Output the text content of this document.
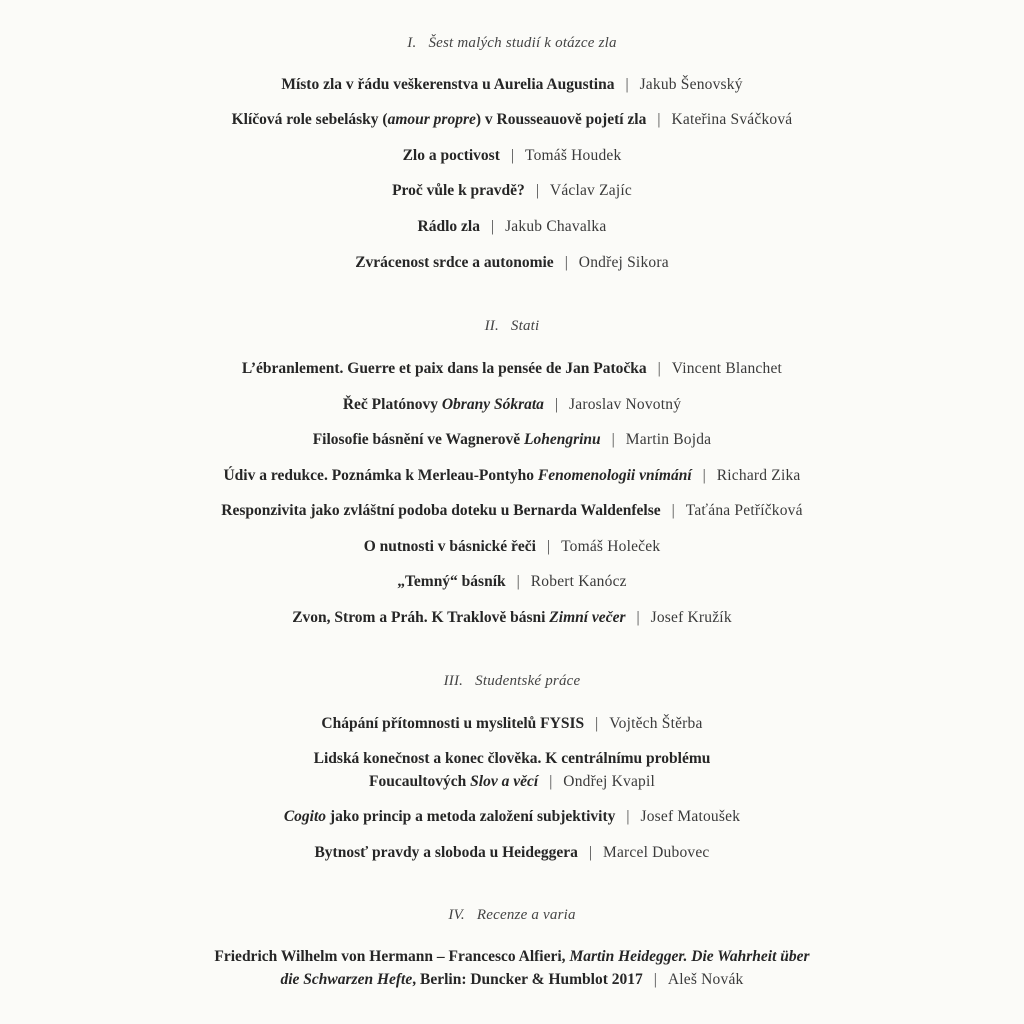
I. Šest malých studií k otázce zla
Místo zla v řádu veškerenstva u Aurelia Augustina | Jakub Šenovský
Klíčová role sebelásky (amour propre) v Rousseauově pojetí zla | Kateřina Sváčková
Zlo a poctivost | Tomáš Houdek
Proč vůle k pravdě? | Václav Zajíc
Rádlo zla | Jakub Chavalka
Zvrácenost srdce a autonomie | Ondřej Sikora
II. Stati
L’ébranlement. Guerre et paix dans la pensée de Jan Patočka | Vincent Blanchet
Řeč Platónovy Obrany Sókrata | Jaroslav Novotný
Filosofie básnění ve Wagnerově Lohengrinu | Martin Bojda
Údiv a redukce. Poznámka k Merleau-Pontyho Fenomenologii vnímání | Richard Zika
Responzivita jako zvláštní podoba doteku u Bernarda Waldenfelse | Taťána Petříčková
O nutnosti v básnické řeči | Tomáš Holeček
„Temný“ básník | Robert Kanócz
Zvon, Strom a Práh. K Traklově básni Zimní večer | Josef Kružík
III. Studentské práce
Chápání přítomnosti u myslitelů FYSIS | Vojtěch Štěrba
Lidská konečnost a konec člověka. K centrálnímu problému
Foucaultových Slov a věcí | Ondřej Kvapil
Cogito jako princip a metoda založení subjektivity | Josef Matoušek
Bytnosť pravdy a sloboda u Heideggera | Marcel Dubovec
IV. Recenze a varia
Friedrich Wilhelm von Hermann – Francesco Alfieri, Martin Heidegger. Die Wahrheit über
die Schwarzen Hefte, Berlin: Duncker & Humblot 2017 | Aleš Novák
